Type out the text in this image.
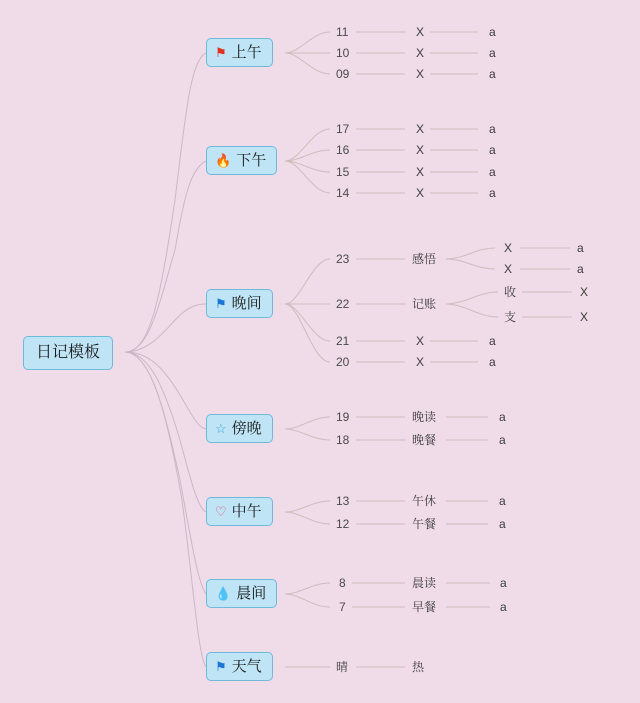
日记模板
⚑ 上午
11	X	a
10	X	a
09	X	a
🔥 下午
17	X	a
16	X	a
15	X	a
14	X	a
⚑ 晚间
23	感悟
X	a
X	a
22	记账
收	X
支	X
21	X	a
20	X	a
☆ 傍晚
19	晚读	a
18	晚餐	a
♡ 中午
13	午休	a
12	午餐	a
💧 晨间
8	晨读	a
7	早餐	a
⚑ 天气	晴	热
